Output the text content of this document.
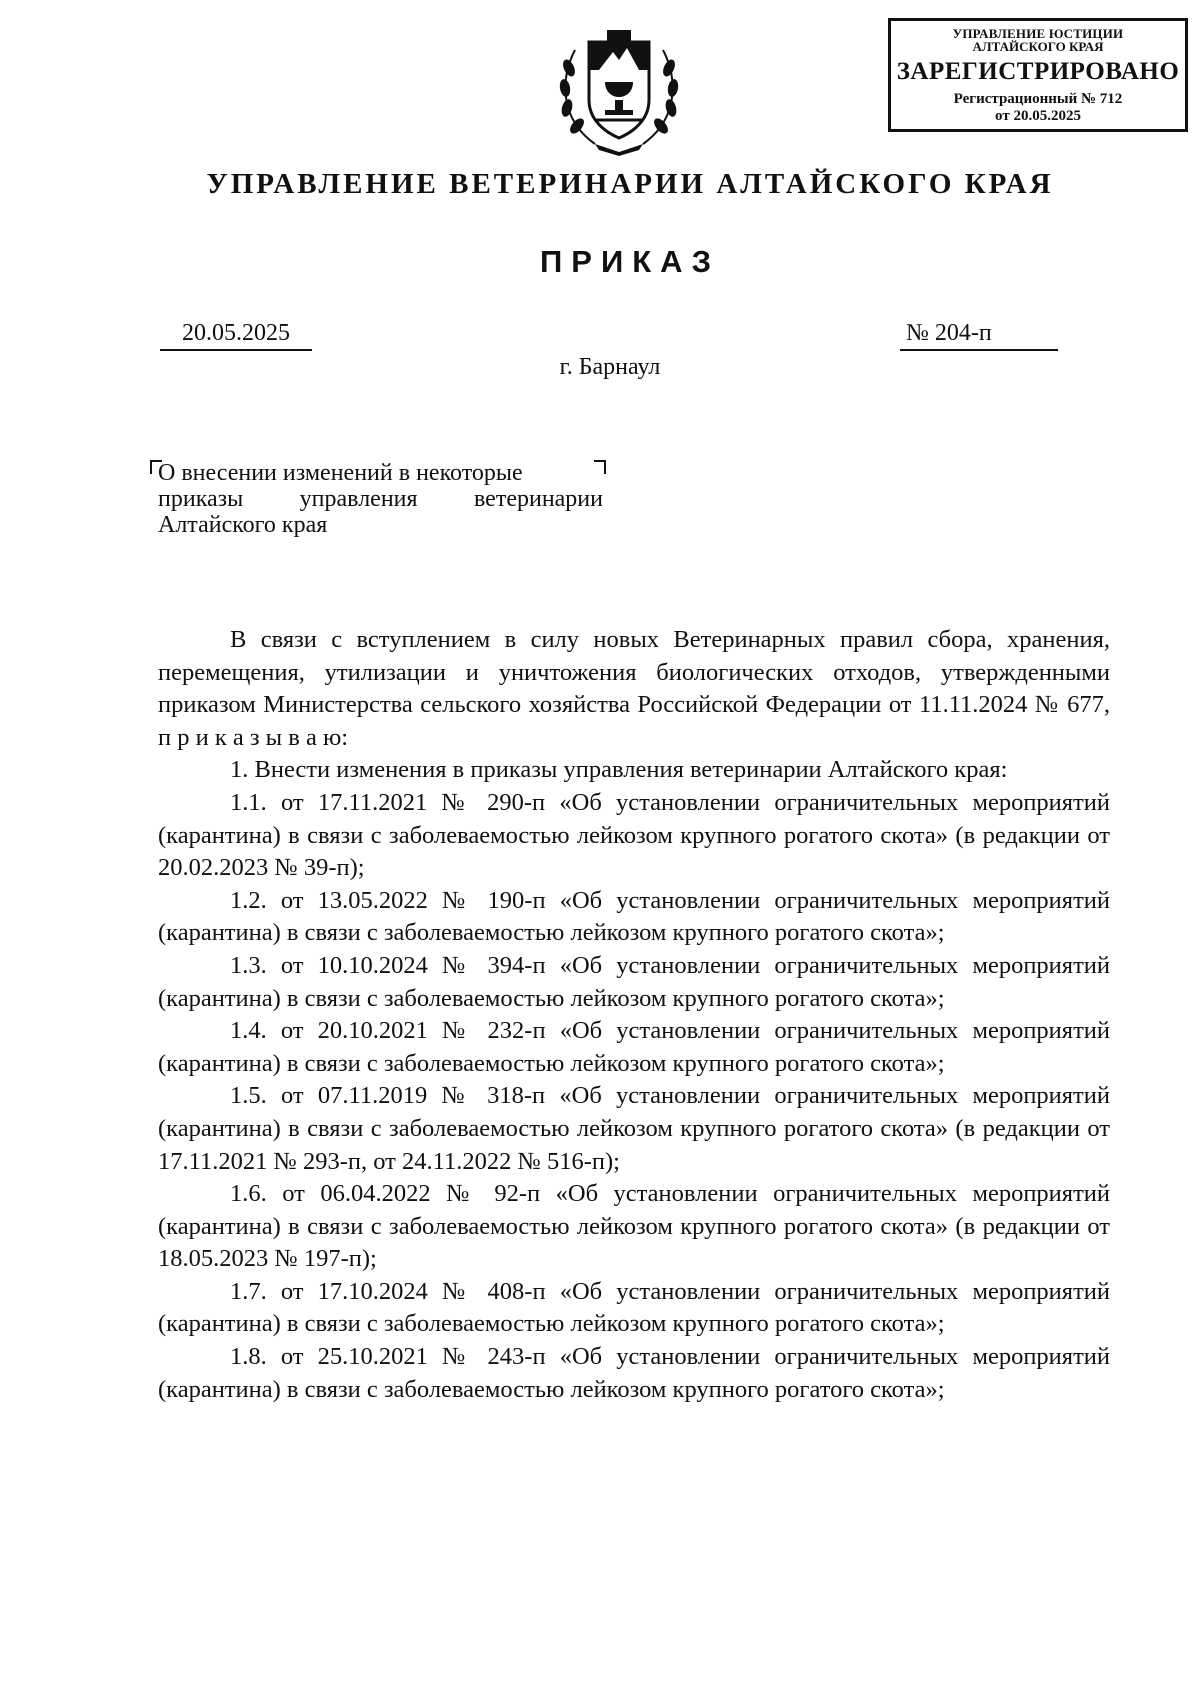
УПРАВЛЕНИЕ ЮСТИЦИИ
АЛТАЙСКОГО КРАЯ
ЗАРЕГИСТРИРОВАНО
Регистрационный № 712
от 20.05.2025
УПРАВЛЕНИЕ ВЕТЕРИНАРИИ АЛТАЙСКОГО КРАЯ
ПРИКАЗ
20.05.2025	№ 204-п
г. Барнаул
О внесении изменений в некоторые

приказы управления ветеринарии
Алтайского края

В связи с вступлением в силу новых Ветеринарных правил сбора, хранения, перемещения, утилизации и уничтожения биологических отходов, утвержденными приказом Министерства сельского хозяйства Российской Федерации от 11.11.2024 № 677, п р и к а з ы в а ю:

1. Внести изменения в приказы управления ветеринарии Алтайского края:

1.1. от 17.11.2021 № 290-п «Об установлении ограничительных мероприятий (карантина) в связи с заболеваемостью лейкозом крупного рогатого скота» (в редакции от 20.02.2023 № 39-п);

1.2. от 13.05.2022 № 190-п «Об установлении ограничительных мероприятий (карантина) в связи с заболеваемостью лейкозом крупного рогатого скота»;

1.3. от 10.10.2024 № 394-п «Об установлении ограничительных мероприятий (карантина) в связи с заболеваемостью лейкозом крупного рогатого скота»;

1.4. от 20.10.2021 № 232-п «Об установлении ограничительных мероприятий (карантина) в связи с заболеваемостью лейкозом крупного рогатого скота»;

1.5. от 07.11.2019 № 318-п «Об установлении ограничительных мероприятий (карантина) в связи с заболеваемостью лейкозом крупного рогатого скота» (в редакции от 17.11.2021 № 293-п, от 24.11.2022 № 516-п);

1.6. от 06.04.2022 № 92-п «Об установлении ограничительных мероприятий (карантина) в связи с заболеваемостью лейкозом крупного рогатого скота» (в редакции от 18.05.2023 № 197-п);

1.7. от 17.10.2024 № 408-п «Об установлении ограничительных мероприятий (карантина) в связи с заболеваемостью лейкозом крупного рогатого скота»;

1.8. от 25.10.2021 № 243-п «Об установлении ограничительных мероприятий (карантина) в связи с заболеваемостью лейкозом крупного рогатого скота»;
